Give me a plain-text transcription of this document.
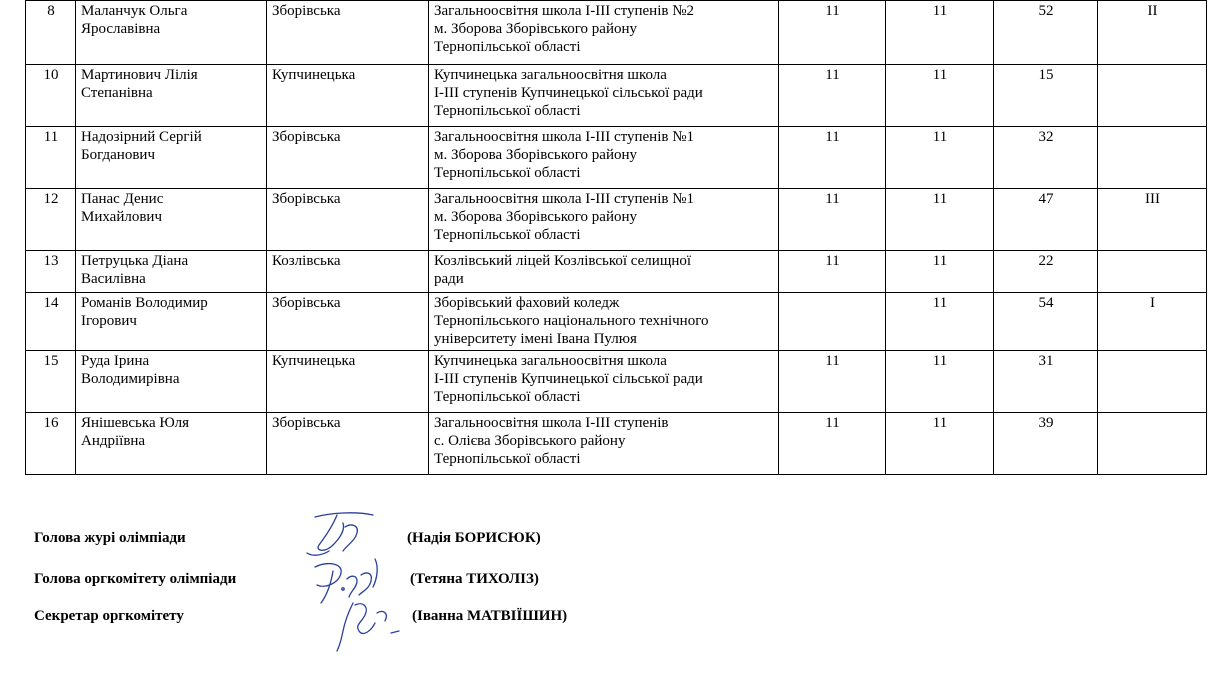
8	Маланчук Ольга
Ярославівна	Зборівська	Загальноосвітня школа І-ІІІ ступенів №2
м. Зборова Зборівського району
Тернопільської області	11	11	52	II
10	Мартинович Лілія
Степанівна	Купчинецька	Купчинецька загальноосвітня школа
І-ІІІ ступенів Купчинецької сільської ради
Тернопільської області	11	11	15	
11	Надозірний Сергій
Богданович	Зборівська	Загальноосвітня школа І-ІІІ ступенів №1
м. Зборова Зборівського району
Тернопільської області	11	11	32	
12	Панас Денис
Михайлович	Зборівська	Загальноосвітня школа І-ІІІ ступенів №1
м. Зборова Зборівського району
Тернопільської області	11	11	47	III
13	Петруцька Діана
Василівна	Козлівська	Козлівський ліцей Козлівської селищної
ради	11	11	22	
14	Романів Володимир
Ігорович	Зборівська	Зборівський фаховий коледж
Тернопільського національного технічного
університету імені Івана Пулюя		11	54	I
15	Руда Ірина
Володимирівна	Купчинецька	Купчинецька загальноосвітня школа
І-ІІІ ступенів Купчинецької сільської ради
Тернопільської області	11	11	31	
16	Янішевська Юля
Андріївна	Зборівська	Загальноосвітня школа І-ІІІ ступенів
с. Олієва Зборівського району
Тернопільської області	11	11	39	
Голова журі олімпіади	(Надія БОРИСЮК)
Голова оргкомітету олімпіади	(Тетяна ТИХОЛІЗ)
Секретар оргкомітету	(Іванна МАТВІЇШИН)
